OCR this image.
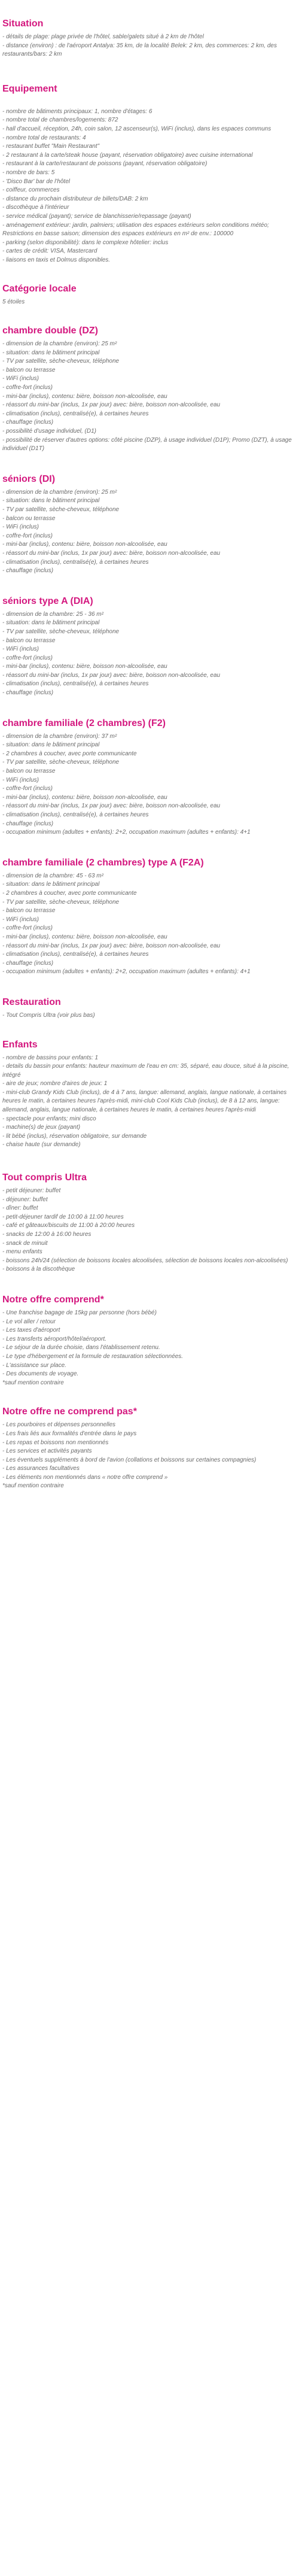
Situation
- détails de plage: plage privée de l'hôtel, sable/galets situé à 2 km de l'hôtel
- distance (environ) : de l'aéroport Antalya: 35 km, de la localité Belek: 2 km, des commerces: 2 km, des restaurants/bars: 2 km
Equipement
- nombre de bâtiments principaux: 1, nombre d'étages: 6
- nombre total de chambres/logements: 872
- hall d'accueil, réception, 24h, coin salon, 12 ascenseur(s), WiFi (inclus), dans les espaces communs
- nombre total de restaurants: 4
- restaurant buffet "Main Restaurant"
- 2 restaurant à la carte/steak house (payant, réservation obligatoire) avec cuisine international
- restaurant à la carte/restaurant de poissons (payant, réservation obligatoire)
- nombre de bars: 5
- 'Disco Bar' bar de l'hôtel
- coiffeur, commerces
- distance du prochain distributeur de billets/DAB: 2 km
- discothèque à l'intérieur
- service médical (payant); service de blanchisserie/repassage (payant)
- aménagement extérieur: jardin, palmiers; utilisation des espaces extérieurs selon conditions météo; Restrictions en basse saison; dimension des espaces extérieurs en m² de env.: 100000
- parking (selon disponibilité): dans le complexe hôtelier: inclus
- cartes de crédit: VISA, Mastercard
- liaisons en taxis et Dolmus disponibles.
Catégorie locale
5 étoiles
chambre double (DZ)
- dimension de la chambre (environ): 25 m²
- situation: dans le bâtiment principal
- TV par satellite, sèche-cheveux, téléphone
- balcon ou terrasse
- WiFi (inclus)
- coffre-fort (inclus)
- mini-bar (inclus), contenu: bière, boisson non-alcoolisée, eau
- réassort du mini-bar (inclus, 1x par jour) avec: bière, boisson non-alcoolisée, eau
- climatisation (inclus), centralisé(e), à certaines heures
- chauffage (inclus)
- possibilité d'usage individuel, (D1)
- possibilité de réserver d'autres options: côté piscine (DZP), à usage individuel (D1P); Promo (DZT), à usage individuel (D1T)
séniors (DI)
- dimension de la chambre (environ): 25 m²
- situation: dans le bâtiment principal
- TV par satellite, sèche-cheveux, téléphone
- balcon ou terrasse
- WiFi (inclus)
- coffre-fort (inclus)
- mini-bar (inclus), contenu: bière, boisson non-alcoolisée, eau
- réassort du mini-bar (inclus, 1x par jour) avec: bière, boisson non-alcoolisée, eau
- climatisation (inclus), centralisé(e), à certaines heures
- chauffage (inclus)
séniors type A (DIA)
- dimension de la chambre: 25 - 36 m²
- situation: dans le bâtiment principal
- TV par satellite, sèche-cheveux, téléphone
- balcon ou terrasse
- WiFi (inclus)
- coffre-fort (inclus)
- mini-bar (inclus), contenu: bière, boisson non-alcoolisée, eau
- réassort du mini-bar (inclus, 1x par jour) avec: bière, boisson non-alcoolisée, eau
- climatisation (inclus), centralisé(e), à certaines heures
- chauffage (inclus)
chambre familiale (2 chambres) (F2)
- dimension de la chambre (environ): 37 m²
- situation: dans le bâtiment principal
- 2 chambres à coucher, avec porte communicante
- TV par satellite, sèche-cheveux, téléphone
- balcon ou terrasse
- WiFi (inclus)
- coffre-fort (inclus)
- mini-bar (inclus), contenu: bière, boisson non-alcoolisée, eau
- réassort du mini-bar (inclus, 1x par jour) avec: bière, boisson non-alcoolisée, eau
- climatisation (inclus), centralisé(e), à certaines heures
- chauffage (inclus)
- occupation minimum (adultes + enfants): 2+2, occupation maximum (adultes + enfants): 4+1
chambre familiale (2 chambres) type A (F2A)
- dimension de la chambre: 45 - 63 m²
- situation: dans le bâtiment principal
- 2 chambres à coucher, avec porte communicante
- TV par satellite, sèche-cheveux, téléphone
- balcon ou terrasse
- WiFi (inclus)
- coffre-fort (inclus)
- mini-bar (inclus), contenu: bière, boisson non-alcoolisée, eau
- réassort du mini-bar (inclus, 1x par jour) avec: bière, boisson non-alcoolisée, eau
- climatisation (inclus), centralisé(e), à certaines heures
- chauffage (inclus)
- occupation minimum (adultes + enfants): 2+2, occupation maximum (adultes + enfants): 4+1
Restauration
- Tout Compris Ultra (voir plus bas)
Enfants
- nombre de bassins pour enfants: 1
- details du bassin pour enfants: hauteur maximum de l'eau en cm: 35, séparé, eau douce, situé à la piscine, intégré
- aire de jeux; nombre d'aires de jeux: 1
- mini-club Grandy Kids Club (inclus), de 4 à 7 ans, langue: allemand, anglais, langue nationale, à certaines heures le matin, à certaines heures l'après-midi, mini-club Cool Kids Club (inclus), de 8 à 12 ans, langue: allemand, anglais, langue nationale, à certaines heures le matin, à certaines heures l'après-midi
- spectacle pour enfants; mini disco
- machine(s) de jeux (payant)
- lit bébé (inclus), réservation obligatoire, sur demande
- chaise haute (sur demande)
Tout compris Ultra
- petit déjeuner: buffet
- déjeuner: buffet
- dîner: buffet
- petit-déjeuner tardif de 10:00 à 11:00 heures
- café et gâteaux/biscuits de 11:00 à 20:00 heures
- snacks de 12:00 à 16:00 heures
- snack de minuit
- menu enfants
- boissons 24h/24 (sélection de boissons locales alcoolisées, sélection de boissons locales non-alcoolisées)
- boissons à la discothèque
Notre offre comprend*
- Une franchise bagage de 15kg par personne (hors bébé)
- Le vol aller / retour
- Les taxes d'aéroport
- Les transferts aéroport/hôtel/aéroport.
- Le séjour de la durée choisie, dans l'établissement retenu.
- Le type d'hébergement et la formule de restauration sélectionnées.
- L'assistance sur place.
- Des documents de voyage.
*sauf mention contraire
Notre offre ne comprend pas*
- Les pourboires et dépenses personnelles
- Les frais liés aux formalités d'entrée dans le pays
- Les repas et boissons non mentionnés
- Les services et activités payants
- Les éventuels suppléments à bord de l'avion (collations et boissons sur certaines compagnies)
- Les assurances facultatives
- Les éléments non mentionnés dans « notre offre comprend »
*sauf mention contraire
